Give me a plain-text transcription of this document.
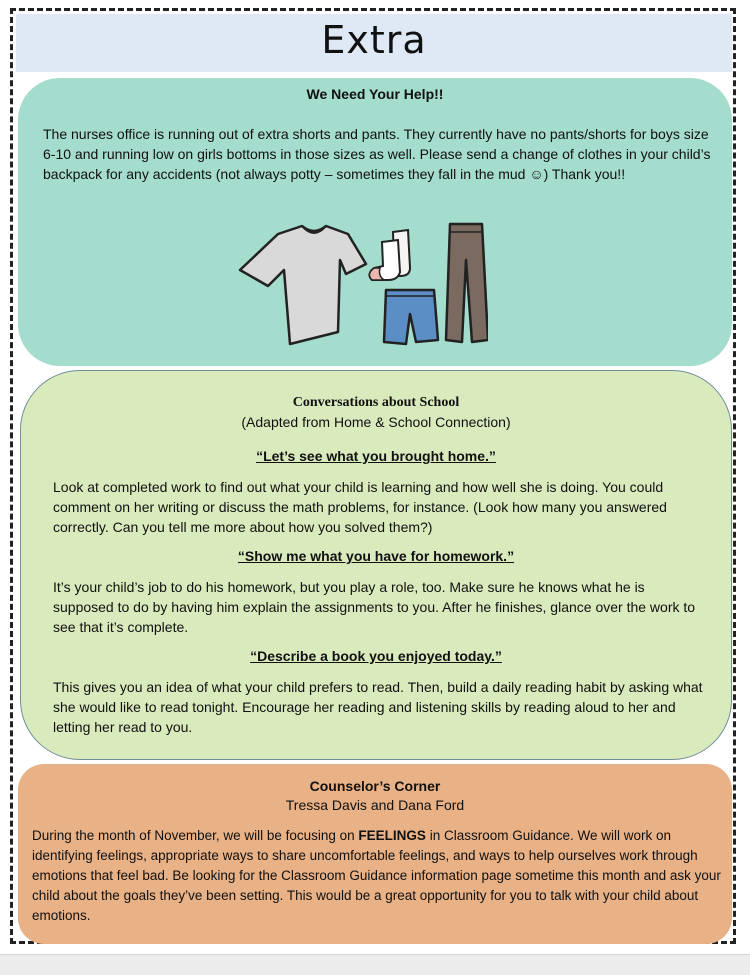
Extra
We Need Your Help!!
The nurses office is running out of extra shorts and pants. They currently have no pants/shorts for boys size 6-10 and running low on girls bottoms in those sizes as well. Please send a change of clothes in your child’s backpack for any accidents (not always potty – sometimes they fall in the mud ☺) Thank you!!
Conversations about School
(Adapted from Home & School Connection)
“Let’s see what you brought home.”
Look at completed work to find out what your child is learning and how well she is doing. You could comment on her writing or discuss the math problems, for instance. (Look how many you answered correctly. Can you tell me more about how you solved them?)
“Show me what you have for homework.”
It’s your child’s job to do his homework, but you play a role, too. Make sure he knows what he is supposed to do by having him explain the assignments to you. After he finishes, glance over the work to see that it’s complete.
“Describe a book you enjoyed today.”
This gives you an idea of what your child prefers to read. Then, build a daily reading habit by asking what she would like to read tonight. Encourage her reading and listening skills by reading aloud to her and letting her read to you.
Counselor’s Corner
Tressa Davis and Dana Ford
During the month of November, we will be focusing on FEELINGS in Classroom Guidance. We will work on identifying feelings, appropriate ways to share uncomfortable feelings, and ways to help ourselves work through emotions that feel bad. Be looking for the Classroom Guidance information page sometime this month and ask your child about the goals they’ve been setting. This would be a great opportunity for you to talk with your child about emotions.
